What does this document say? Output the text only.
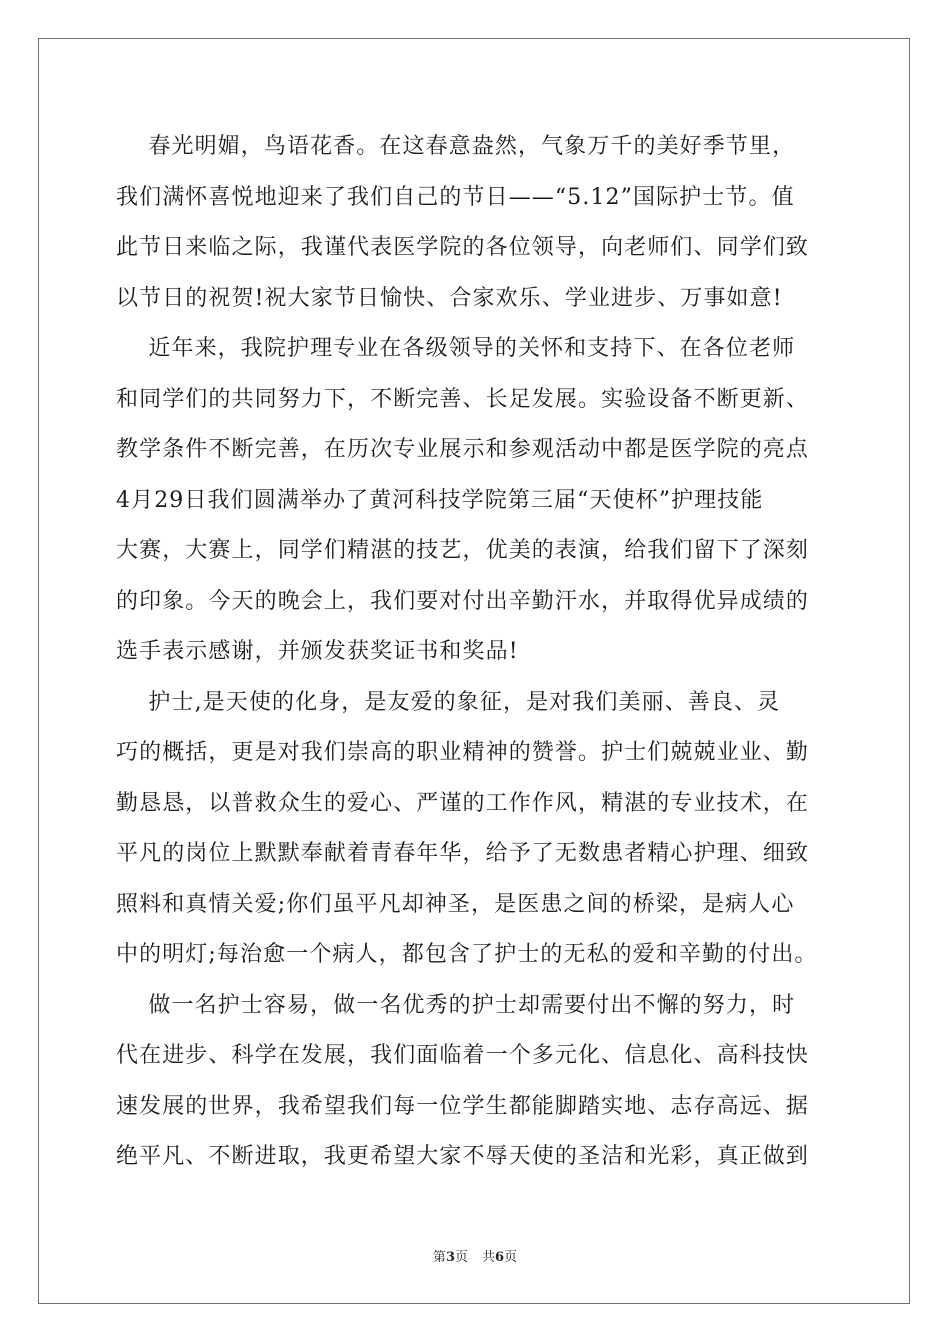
春光明媚，鸟语花香。在这春意盎然，气象万千的美好季节里，
我们满怀喜悦地迎来了我们自己的节日——“5.12”国际护士节。值
此节日来临之际，我谨代表医学院的各位领导，向老师们、同学们致
以节日的祝贺!祝大家节日愉快、合家欢乐、学业进步、万事如意!
近年来，我院护理专业在各级领导的关怀和支持下、在各位老师
和同学们的共同努力下，不断完善、长足发展。实验设备不断更新、
教学条件不断完善，在历次专业展示和参观活动中都是医学院的亮点
4月29日我们圆满举办了黄河科技学院第三届“天使杯”护理技能
大赛，大赛上，同学们精湛的技艺，优美的表演，给我们留下了深刻
的印象。今天的晚会上，我们要对付出辛勤汗水，并取得优异成绩的
选手表示感谢，并颁发获奖证书和奖品!
护士,是天使的化身，是友爱的象征，是对我们美丽、善良、灵
巧的概括，更是对我们崇高的职业精神的赞誉。护士们兢兢业业、勤
勤恳恳，以普救众生的爱心、严谨的工作作风，精湛的专业技术，在
平凡的岗位上默默奉献着青春年华，给予了无数患者精心护理、细致
照料和真情关爱;你们虽平凡却神圣，是医患之间的桥梁，是病人心
中的明灯;每治愈一个病人，都包含了护士的无私的爱和辛勤的付出。
做一名护士容易，做一名优秀的护士却需要付出不懈的努力，时
代在进步、科学在发展，我们面临着一个多元化、信息化、高科技快
速发展的世界，我希望我们每一位学生都能脚踏实地、志存高远、据
绝平凡、不断进取，我更希望大家不辱天使的圣洁和光彩，真正做到
第3页 共6页
